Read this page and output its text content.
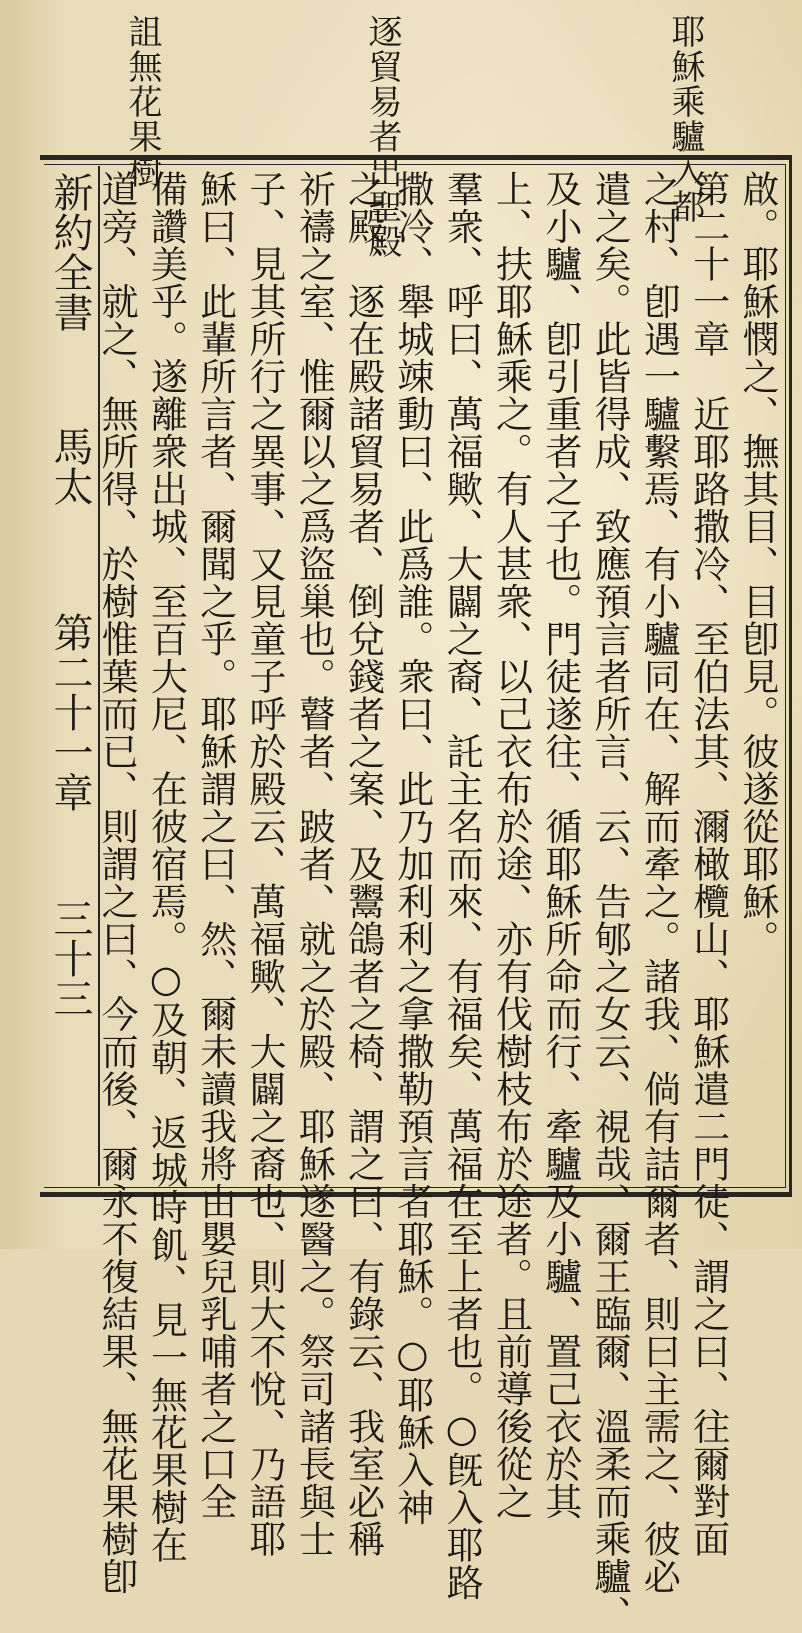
耶穌乘驢入都
逐貿易者出聖殿
詛無花果樹
啟。耶穌憫之、撫其目、目卽見。彼遂從耶穌。
第二十一章　近耶路撒冷、至伯法其、濔橄欖山、耶穌遣二門徒、謂之曰、往爾對面
之村、卽遇一驢繫焉、有小驢同在、解而牽之。諸我、倘有詰爾者、則曰主需之、彼必
遣之矣。此皆得成、致應預言者所言、云、告郇之女云、視哉、爾王臨爾、溫柔而乘驢、
及小驢、卽引重者之子也。門徒遂往、循耶穌所命而行、牽驢及小驢、置己衣於其
上、扶耶穌乘之。有人甚衆、以己衣布於途、亦有伐樹枝布於途者。且前導後從之
羣衆、呼曰、萬福歟、大闢之裔、託主名而來、有福矣、萬福在至上者也。○旣入耶路
撒冷、舉城竦動曰、此爲誰。衆曰、此乃加利利之拿撒勒預言者耶穌。○耶穌入神
之殿、逐在殿諸貿易者、倒兌錢者之案、及鬻鴿者之椅、謂之曰、有錄云、我室必稱
祈禱之室、惟爾以之爲盜巢也。瞽者、跛者、就之於殿、耶穌遂醫之。祭司諸長與士
子、見其所行之異事、又見童子呼於殿云、萬福歟、大闢之裔也、則大不悅、乃語耶
穌曰、此輩所言者、爾聞之乎。耶穌謂之曰、然、爾未讀我將由嬰兒乳哺者之口全
備讚美乎。遂離衆出城、至百大尼、在彼宿焉。○及朝、返城時飢、見一無花果樹在
道旁、就之、無所得、於樹惟葉而已、則謂之曰、今而後、爾永不復結果、無花果樹卽
新約全書
馬太
第二十一章
三十三
